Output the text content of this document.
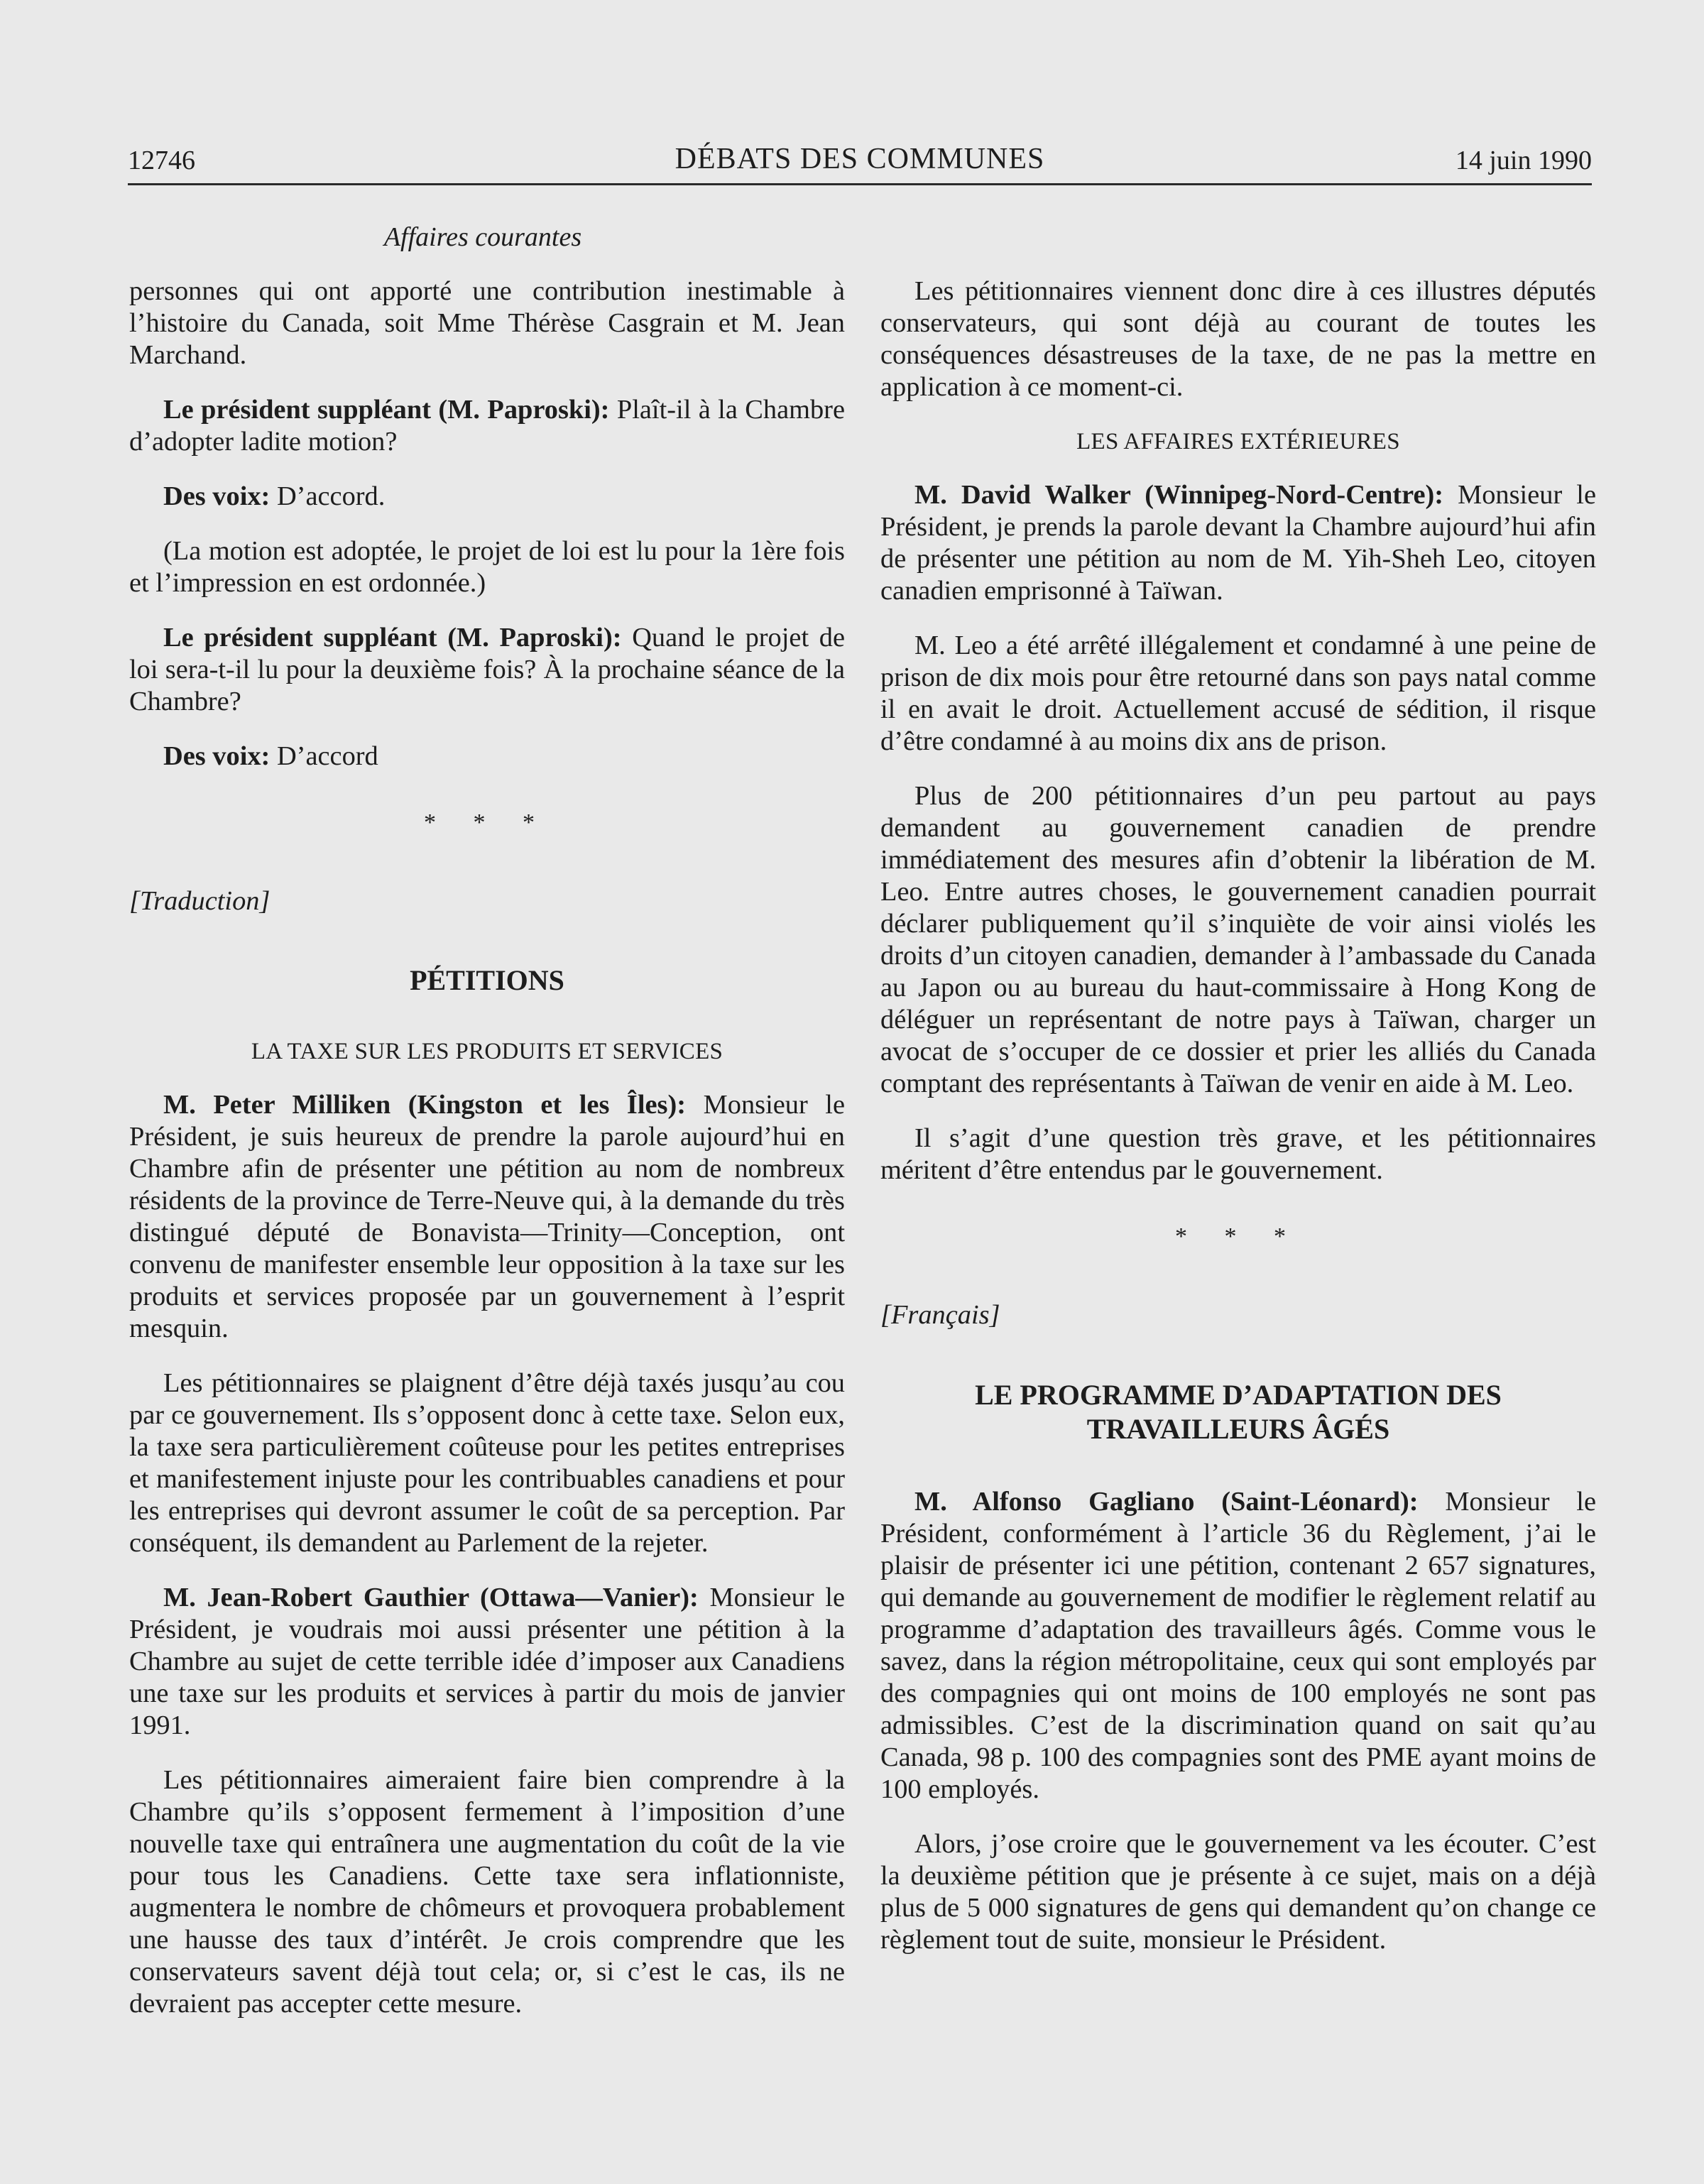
12746	DÉBATS DES COMMUNES	14 juin 1990
Affaires courantes

personnes qui ont apporté une contribution inestimable à l’histoire du Canada, soit Mme Thérèse Casgrain et M. Jean Marchand.

Le président suppléant (M. Paproski): Plaît-il à la Chambre d’adopter ladite motion?

Des voix: D’accord.

(La motion est adoptée, le projet de loi est lu pour la 1ère fois et l’impression en est ordonnée.)

Le président suppléant (M. Paproski): Quand le projet de loi sera-t-il lu pour la deuxième fois? À la prochaine séance de la Chambre?

Des voix: D’accord

* * *
[Traduction]
PÉTITIONS
LA TAXE SUR LES PRODUITS ET SERVICES

M. Peter Milliken (Kingston et les Îles): Monsieur le Président, je suis heureux de prendre la parole aujourd’hui en Chambre afin de présenter une pétition au nom de nombreux résidents de la province de Terre-Neuve qui, à la demande du très distingué député de Bonavista—Trinity—Conception, ont convenu de manifester ensemble leur opposition à la taxe sur les produits et services proposée par un gouvernement à l’esprit mesquin.

Les pétitionnaires se plaignent d’être déjà taxés jusqu’au cou par ce gouvernement. Ils s’opposent donc à cette taxe. Selon eux, la taxe sera particulièrement coûteuse pour les petites entreprises et manifestement injuste pour les contribuables canadiens et pour les entreprises qui devront assumer le coût de sa perception. Par conséquent, ils demandent au Parlement de la rejeter.

M. Jean-Robert Gauthier (Ottawa—Vanier): Monsieur le Président, je voudrais moi aussi présenter une pétition à la Chambre au sujet de cette terrible idée d’imposer aux Canadiens une taxe sur les produits et services à partir du mois de janvier 1991.

Les pétitionnaires aimeraient faire bien comprendre à la Chambre qu’ils s’opposent fermement à l’imposition d’une nouvelle taxe qui entraînera une augmentation du coût de la vie pour tous les Canadiens. Cette taxe sera inflationniste, augmentera le nombre de chômeurs et provoquera probablement une hausse des taux d’intérêt. Je crois comprendre que les conservateurs savent déjà tout cela; or, si c’est le cas, ils ne devraient pas accepter cette mesure.

Les pétitionnaires viennent donc dire à ces illustres députés conservateurs, qui sont déjà au courant de toutes les conséquences désastreuses de la taxe, de ne pas la mettre en application à ce moment-ci.

LES AFFAIRES EXTÉRIEURES

M. David Walker (Winnipeg-Nord-Centre): Monsieur le Président, je prends la parole devant la Chambre aujourd’hui afin de présenter une pétition au nom de M. Yih-Sheh Leo, citoyen canadien emprisonné à Taïwan.

M. Leo a été arrêté illégalement et condamné à une peine de prison de dix mois pour être retourné dans son pays natal comme il en avait le droit. Actuellement accusé de sédition, il risque d’être condamné à au moins dix ans de prison.

Plus de 200 pétitionnaires d’un peu partout au pays demandent au gouvernement canadien de prendre immédiatement des mesures afin d’obtenir la libération de M. Leo. Entre autres choses, le gouvernement canadien pourrait déclarer publiquement qu’il s’inquiète de voir ainsi violés les droits d’un citoyen canadien, demander à l’ambassade du Canada au Japon ou au bureau du haut-commissaire à Hong Kong de déléguer un représentant de notre pays à Taïwan, charger un avocat de s’occuper de ce dossier et prier les alliés du Canada comptant des représentants à Taïwan de venir en aide à M. Leo.

Il s’agit d’une question très grave, et les pétitionnaires méritent d’être entendus par le gouvernement.

* * *
[Français]
LE PROGRAMME D’ADAPTATION DES TRAVAILLEURS ÂGÉS

M. Alfonso Gagliano (Saint-Léonard): Monsieur le Président, conformément à l’article 36 du Règlement, j’ai le plaisir de présenter ici une pétition, contenant 2 657 signatures, qui demande au gouvernement de modifier le règlement relatif au programme d’adaptation des travailleurs âgés. Comme vous le savez, dans la région métropolitaine, ceux qui sont employés par des compagnies qui ont moins de 100 employés ne sont pas admissibles. C’est de la discrimination quand on sait qu’au Canada, 98 p. 100 des compagnies sont des PME ayant moins de 100 employés.

Alors, j’ose croire que le gouvernement va les écouter. C’est la deuxième pétition que je présente à ce sujet, mais on a déjà plus de 5 000 signatures de gens qui demandent qu’on change ce règlement tout de suite, monsieur le Président.
